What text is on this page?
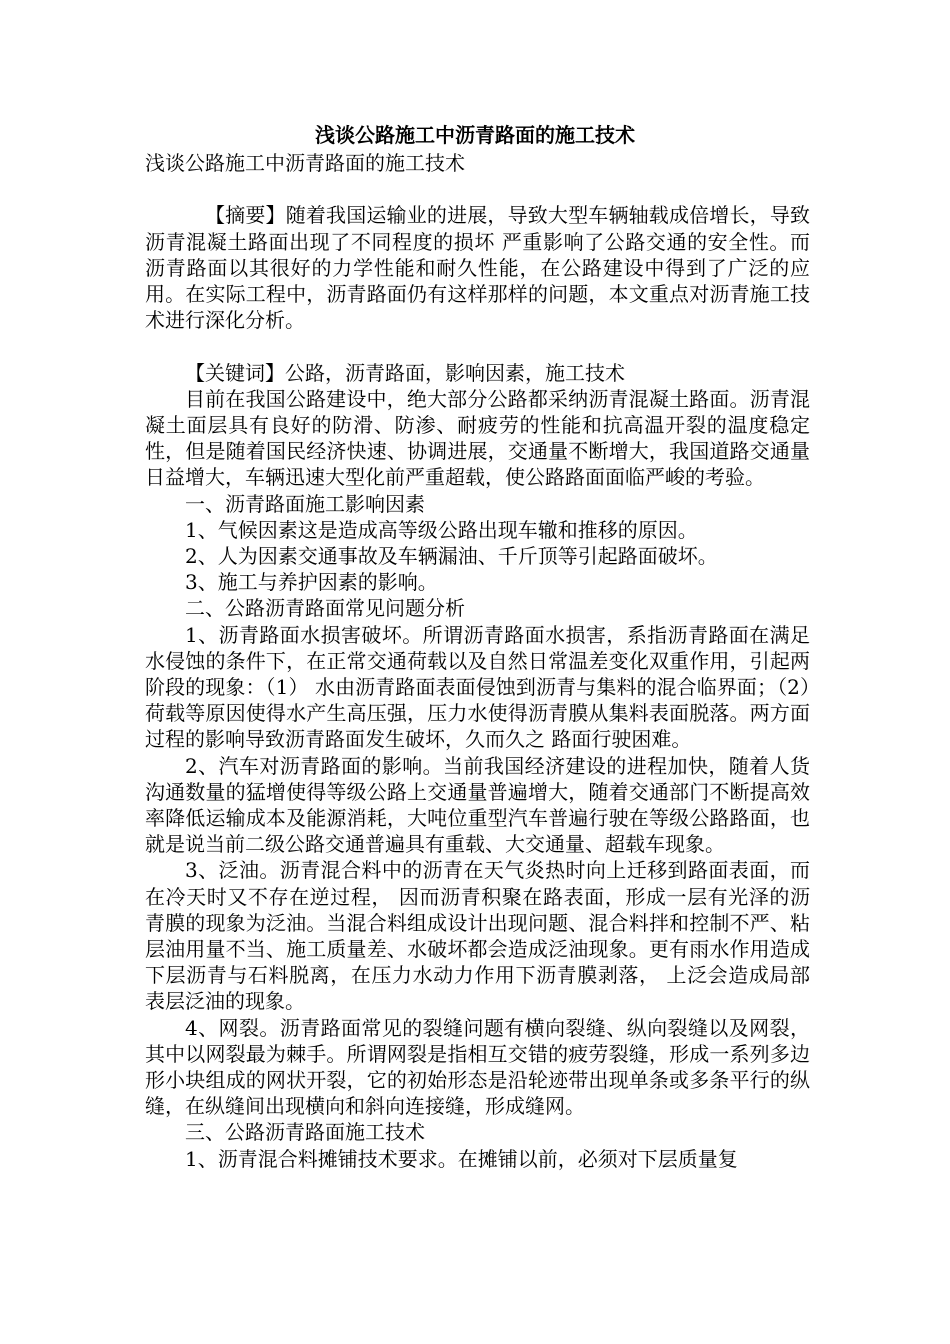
浅谈公路施工中沥青路面的施工技术

浅谈公路施工中沥青路面的施工技术

【摘要】随着我国运输业的进展，导致大型车辆轴载成倍增长，导致沥青混凝土路面出现了不同程度的损坏 严重影响了公路交通的安全性。而沥青路面以其很好的力学性能和耐久性能，在公路建设中得到了广泛的应用。在实际工程中，沥青路面仍有这样那样的问题，本文重点对沥青施工技术进行深化分析。

【关键词】公路，沥青路面，影响因素，施工技术

目前在我国公路建设中，绝大部分公路都采纳沥青混凝土路面。沥青混凝土面层具有良好的防滑、防渗、耐疲劳的性能和抗高温开裂的温度稳定性，但是随着国民经济快速、协调进展，交通量不断增大，我国道路交通量日益增大，车辆迅速大型化前严重超载，使公路路面面临严峻的考验。

一、沥青路面施工影响因素

1、气候因素这是造成高等级公路出现车辙和推移的原因。

2、人为因素交通事故及车辆漏油、千斤顶等引起路面破坏。

3、施工与养护因素的影响。

二、公路沥青路面常见问题分析

1、沥青路面水损害破坏。所谓沥青路面水损害，系指沥青路面在满足水侵蚀的条件下，在正常交通荷载以及自然日常温差变化双重作用，引起两阶段的现象：（1） 水由沥青路面表面侵蚀到沥青与集料的混合临界面；（2）荷载等原因使得水产生高压强，压力水使得沥青膜从集料表面脱落。两方面过程的影响导致沥青路面发生破坏，久而久之 路面行驶困难。

2、汽车对沥青路面的影响。当前我国经济建设的进程加快，随着人货沟通数量的猛增使得等级公路上交通量普遍增大，随着交通部门不断提高效率降低运输成本及能源消耗，大吨位重型汽车普遍行驶在等级公路路面，也就是说当前二级公路交通普遍具有重载、大交通量、超载车现象。

3、泛油。沥青混合料中的沥青在天气炎热时向上迁移到路面表面，而在冷天时又不存在逆过程， 因而沥青积聚在路表面，形成一层有光泽的沥青膜的现象为泛油。当混合料组成设计出现问题、混合料拌和控制不严、粘层油用量不当、施工质量差、水破坏都会造成泛油现象。更有雨水作用造成下层沥青与石料脱离，在压力水动力作用下沥青膜剥落， 上泛会造成局部表层泛油的现象。

4、网裂。沥青路面常见的裂缝问题有横向裂缝、纵向裂缝以及网裂，其中以网裂最为棘手。所谓网裂是指相互交错的疲劳裂缝，形成一系列多边形小块组成的网状开裂，它的初始形态是沿轮迹带出现单条或多条平行的纵缝，在纵缝间出现横向和斜向连接缝，形成缝网。

三、公路沥青路面施工技术

1、沥青混合料摊铺技术要求。在摊铺以前，必须对下层质量复
